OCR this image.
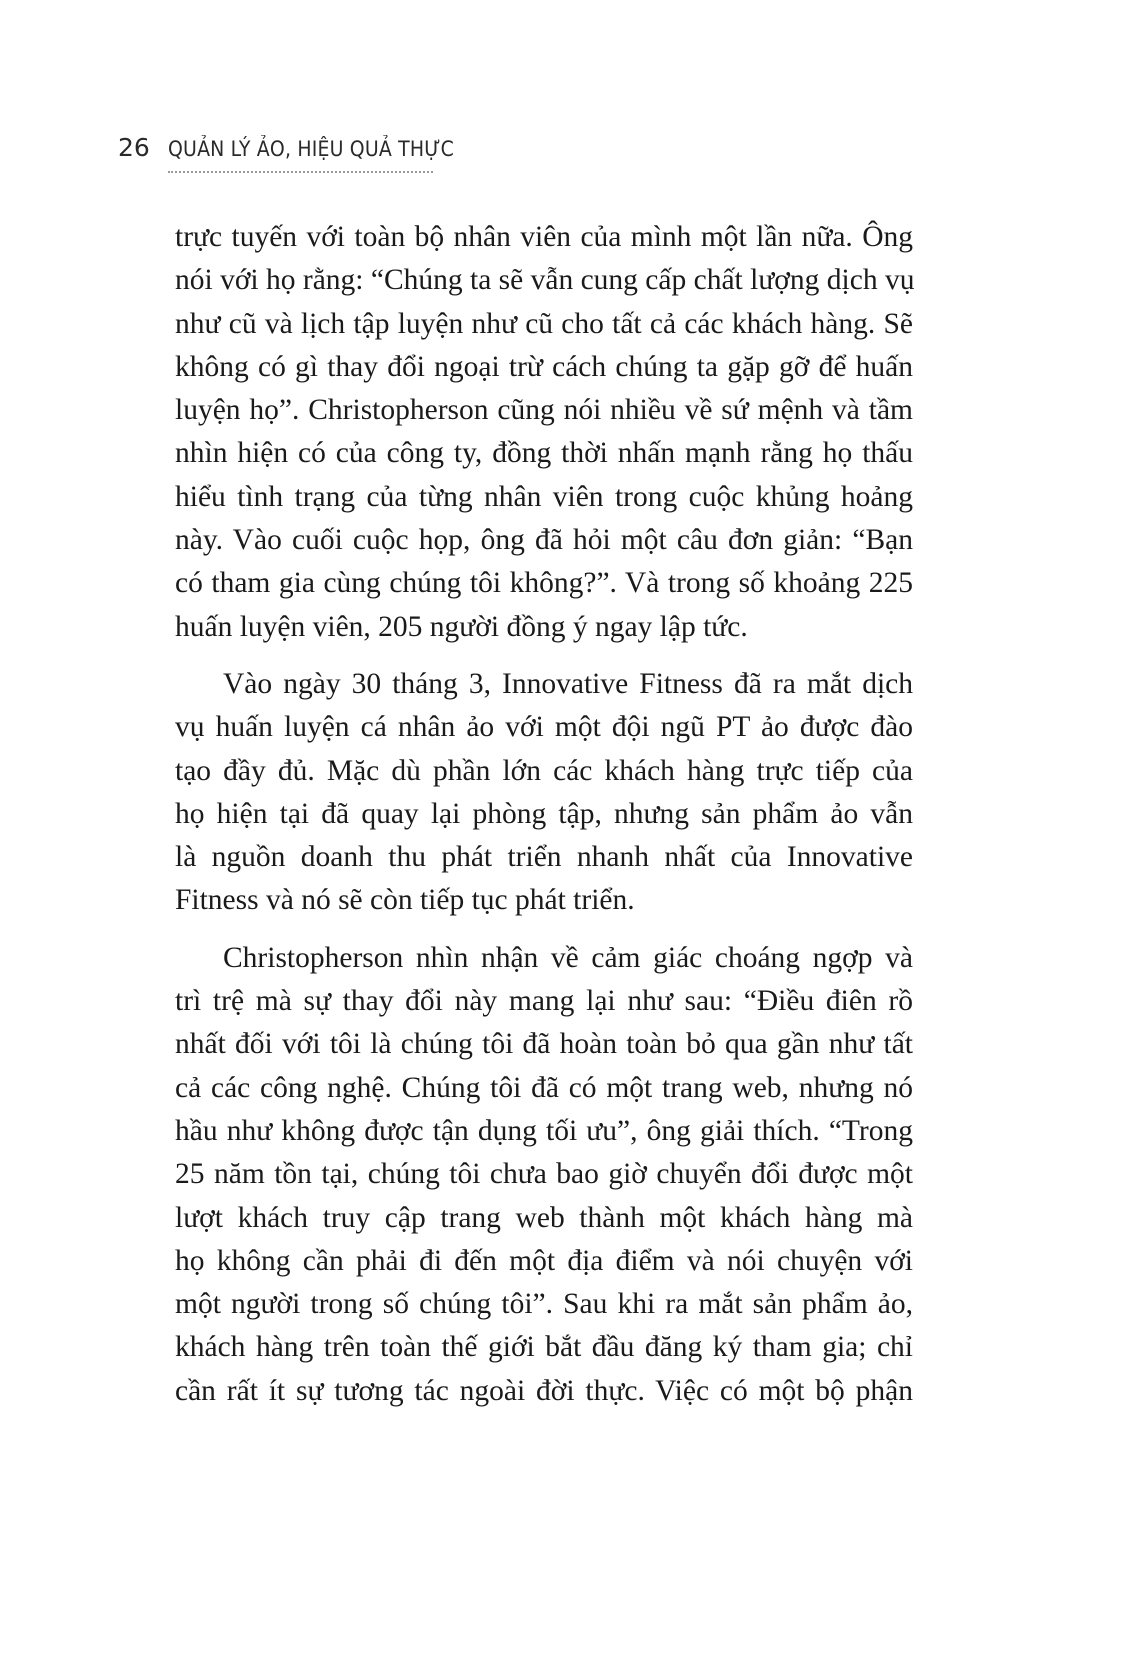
26 QUẢN LÝ ẢO, HIỆU QUẢ THỰC
trực tuyến với toàn bộ nhân viên của mình một lần nữa. Ông
nói với họ rằng: “Chúng ta sẽ vẫn cung cấp chất lượng dịch vụ
như cũ và lịch tập luyện như cũ cho tất cả các khách hàng. Sẽ
không có gì thay đổi ngoại trừ cách chúng ta gặp gỡ để huấn
luyện họ”. Christopherson cũng nói nhiều về sứ mệnh và tầm
nhìn hiện có của công ty, đồng thời nhấn mạnh rằng họ thấu
hiểu tình trạng của từng nhân viên trong cuộc khủng hoảng
này. Vào cuối cuộc họp, ông đã hỏi một câu đơn giản: “Bạn
có tham gia cùng chúng tôi không?”. Và trong số khoảng 225
huấn luyện viên, 205 người đồng ý ngay lập tức.
Vào ngày 30 tháng 3, Innovative Fitness đã ra mắt dịch
vụ huấn luyện cá nhân ảo với một đội ngũ PT ảo được đào
tạo đầy đủ. Mặc dù phần lớn các khách hàng trực tiếp của
họ hiện tại đã quay lại phòng tập, nhưng sản phẩm ảo vẫn
là nguồn doanh thu phát triển nhanh nhất của Innovative
Fitness và nó sẽ còn tiếp tục phát triển.
Christopherson nhìn nhận về cảm giác choáng ngợp và
trì trệ mà sự thay đổi này mang lại như sau: “Điều điên rồ
nhất đối với tôi là chúng tôi đã hoàn toàn bỏ qua gần như tất
cả các công nghệ. Chúng tôi đã có một trang web, nhưng nó
hầu như không được tận dụng tối ưu”, ông giải thích. “Trong
25 năm tồn tại, chúng tôi chưa bao giờ chuyển đổi được một
lượt khách truy cập trang web thành một khách hàng mà
họ không cần phải đi đến một địa điểm và nói chuyện với
một người trong số chúng tôi”. Sau khi ra mắt sản phẩm ảo,
khách hàng trên toàn thế giới bắt đầu đăng ký tham gia; chỉ
cần rất ít sự tương tác ngoài đời thực. Việc có một bộ phận
